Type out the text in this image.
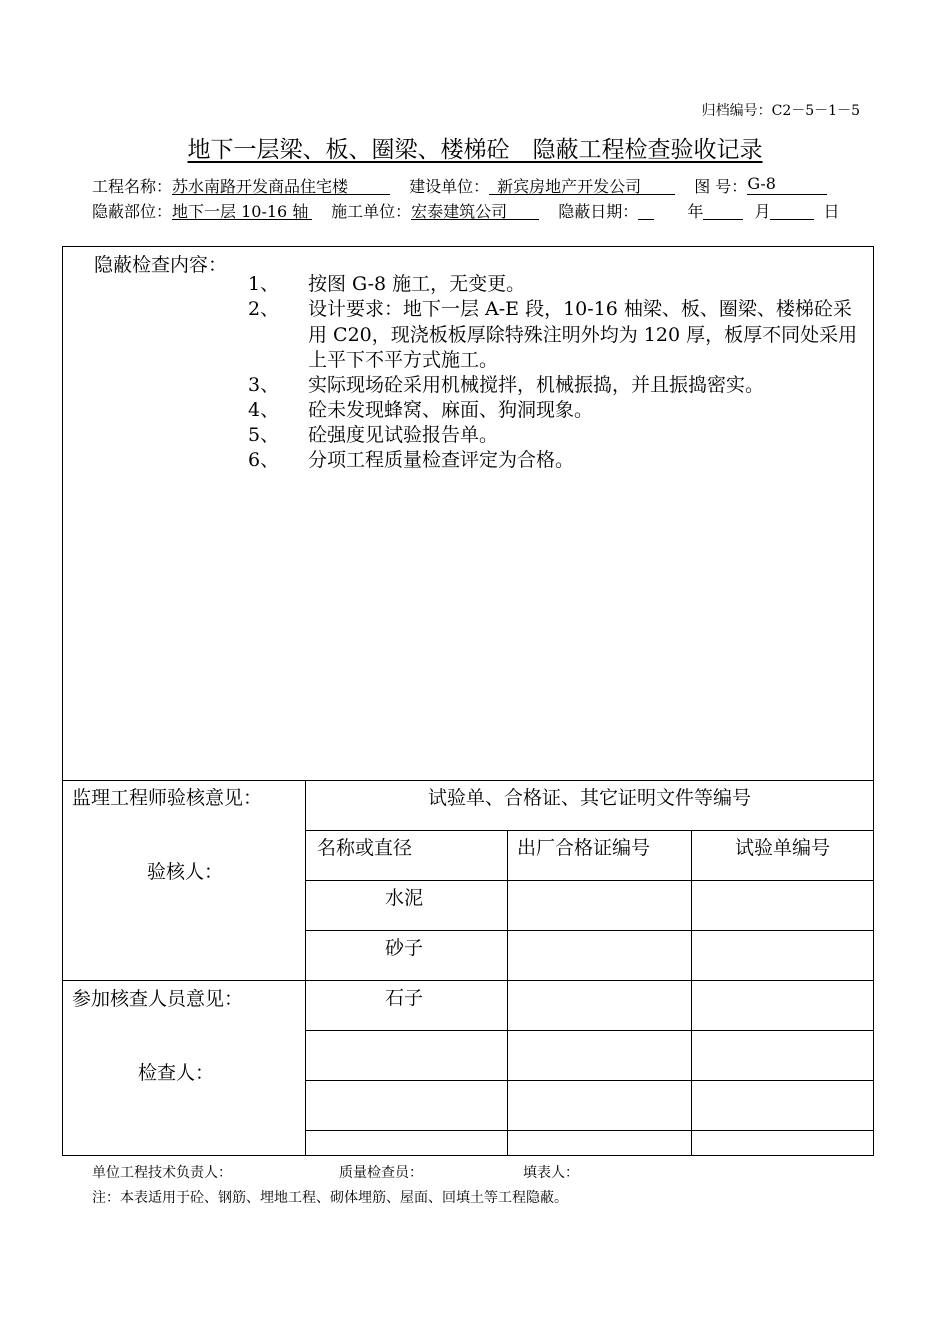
归档编号：C2－5－1－5
地下一层梁、板、圈梁、楼梯砼　隐蔽工程检查验收记录
工程名称：苏水南路开发商品住宅楼	建设单位： 新宾房地产开发公司	图 号：G-8
隐蔽部位：地下一层 10-16 轴 施工单位：宏泰建筑公司	隐蔽日期：	年	月	日
隐蔽检查内容：
1、 按图 G-8 施工，无变更。
2、 设计要求：地下一层 A-E 段，10-16 柚梁、板、圈梁、楼梯砼采用 C20，现浇板板厚除特殊注明外均为 120 厚，板厚不同处采用上平下不平方式施工。
3、 实际现场砼采用机械搅拌，机械振捣，并且振捣密实。
4、 砼未发现蜂窝、麻面、狗洞现象。
5、 砼强度见试验报告单。
6、 分项工程质量检查评定为合格。
监理工程师验核意见：
验核人：
参加核查人员意见：
检查人：
试验单、合格证、其它证明文件等编号
名称或直径	出厂合格证编号	试验单编号
水泥
砂子
石子
单位工程技术负责人：	质量检查员：	填表人：
注：本表适用于砼、钢筋、埋地工程、砌体埋筋、屋面、回填土等工程隐蔽。
